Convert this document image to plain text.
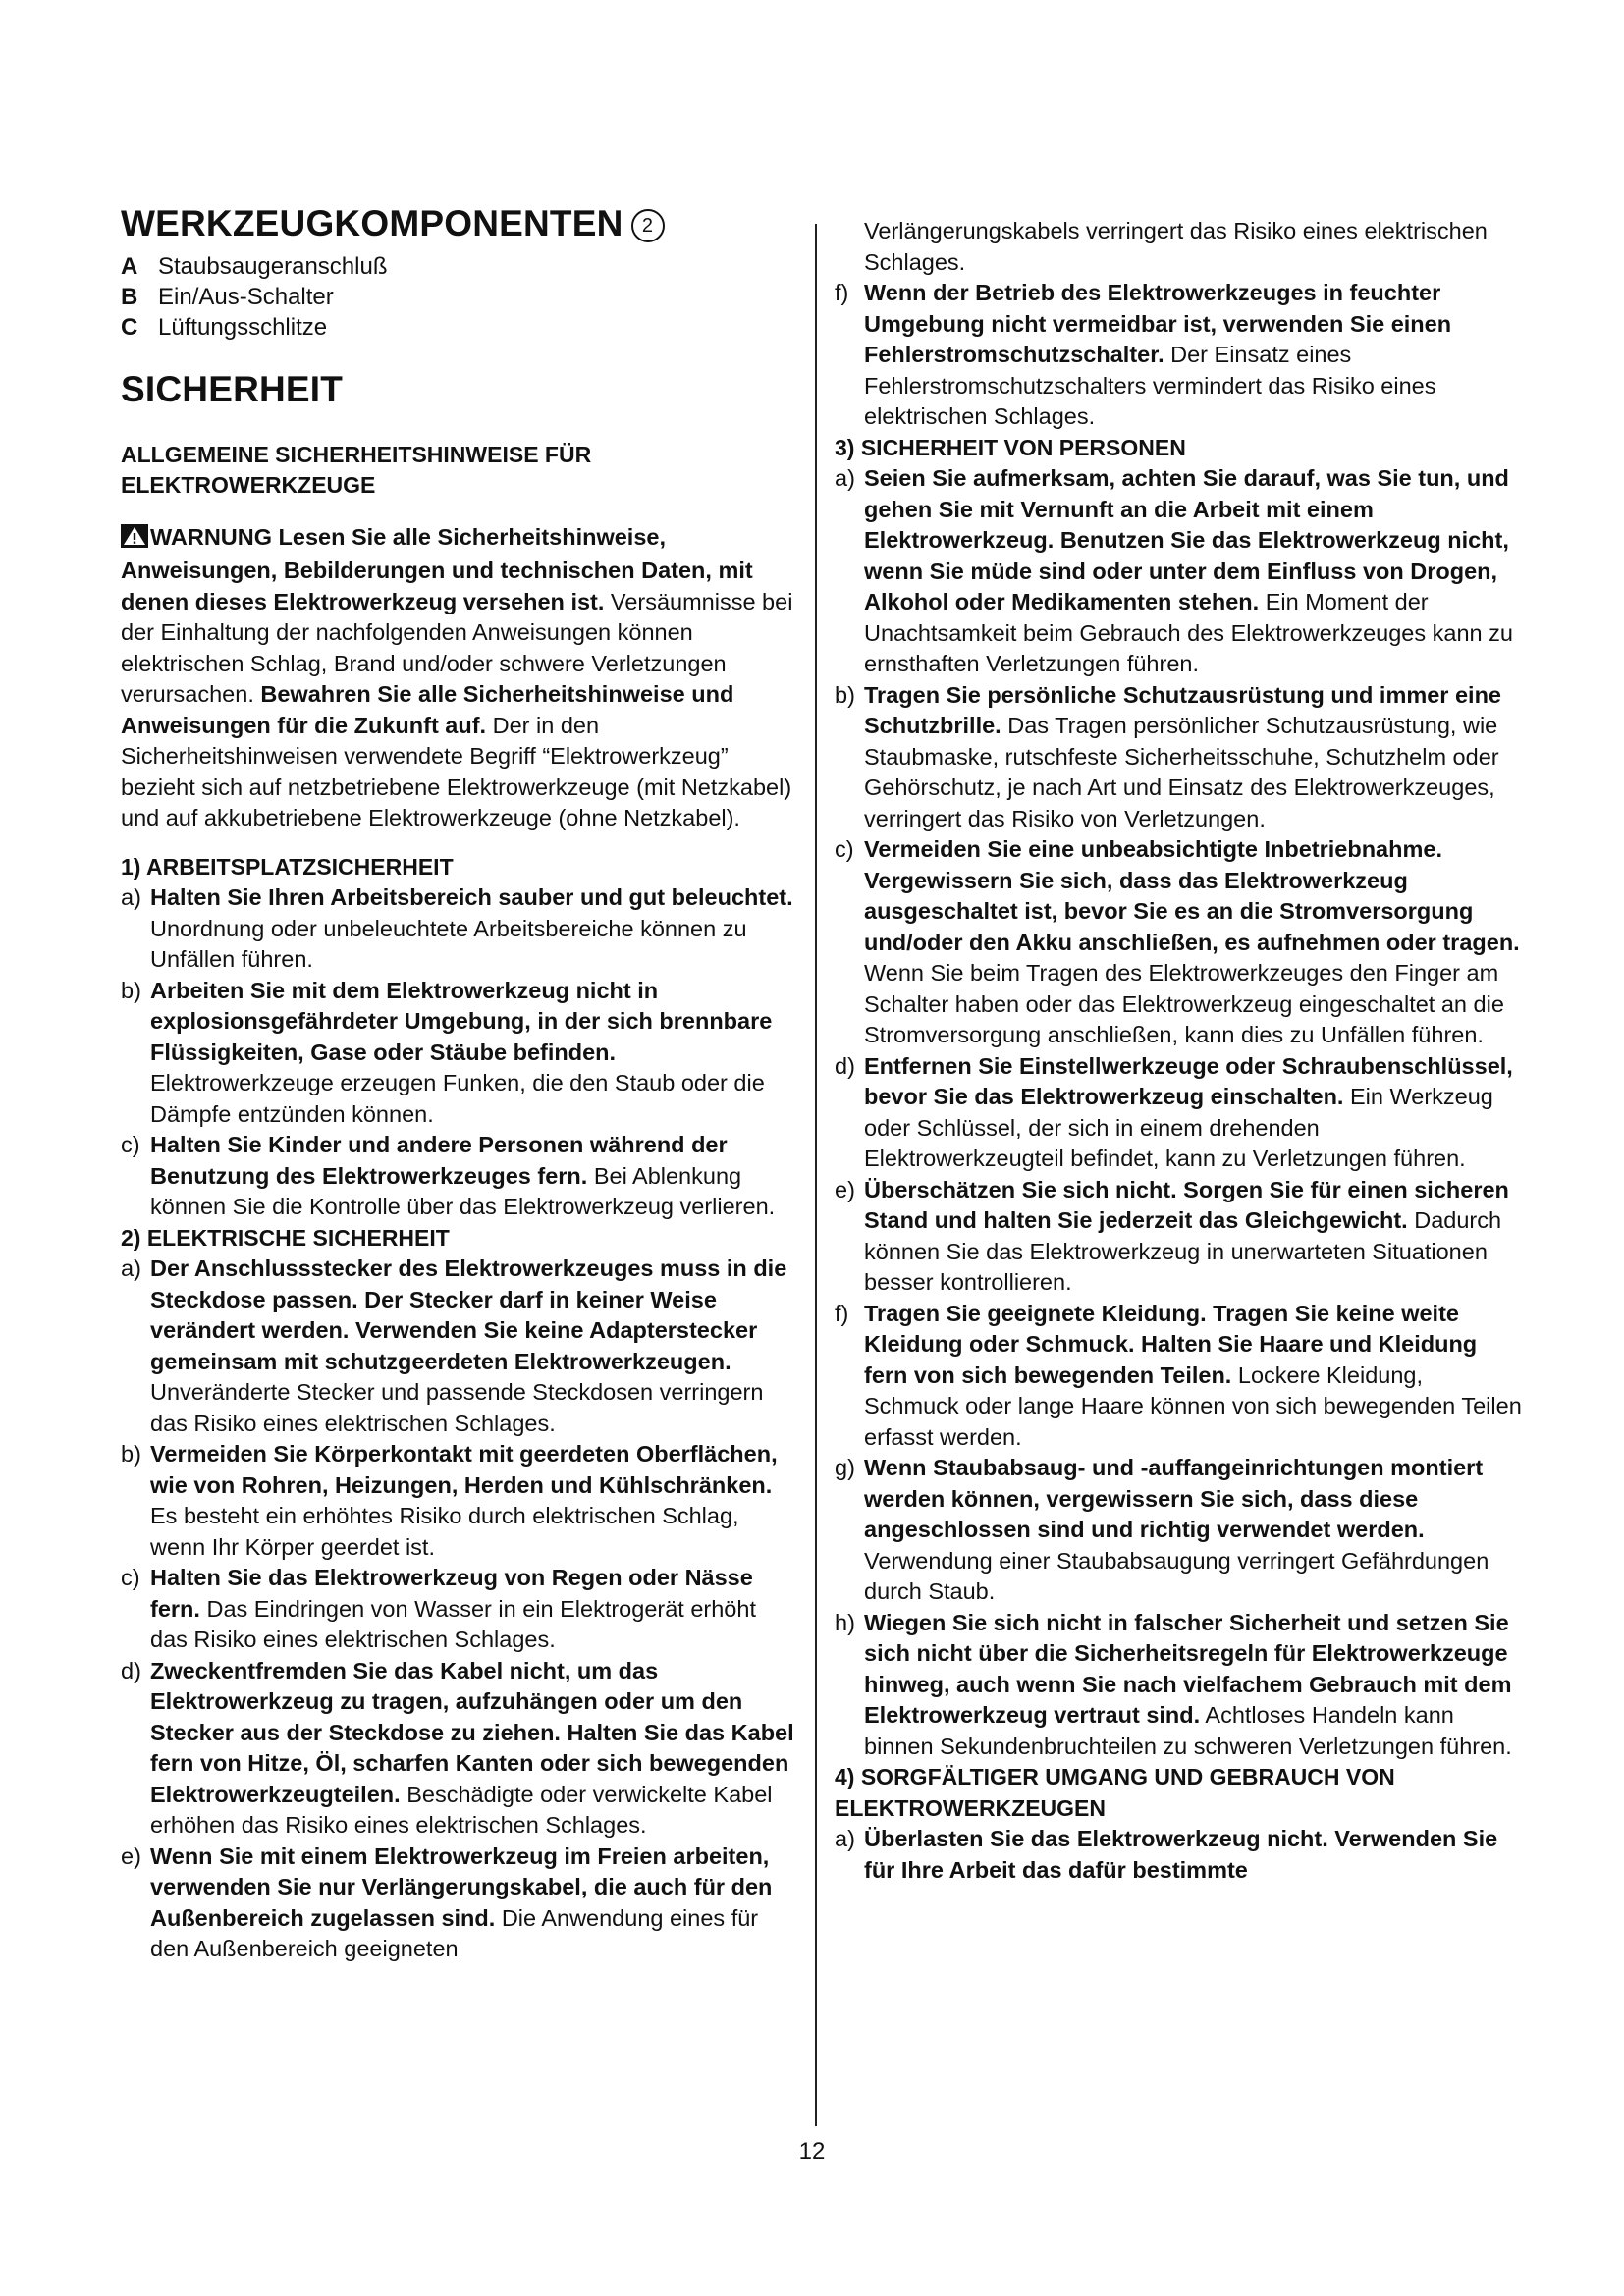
WERKZEUGKOMPONENTEN 2

A Staubsaugeranschluß

B Ein/Aus-Schalter

C Lüftungsschlitze

SICHERHEIT
ALLGEMEINE SICHERHEITSHINWEISE FÜR
ELEKTROWERKZEUGE

WARNUNG Lesen Sie alle Sicherheitshinweise, Anweisungen, Bebilderungen und technischen Daten, mit denen dieses Elektrowerkzeug versehen ist. Versäumnisse bei der Einhaltung der nachfolgenden Anweisungen können elektrischen Schlag, Brand und/oder schwere Verletzungen verursachen. Bewahren Sie alle Sicherheitshinweise und Anweisungen für die Zukunft auf. Der in den Sicherheitshinweisen verwendete Begriff “Elektrowerkzeug” bezieht sich auf netzbetriebene Elektrowerkzeuge (mit Netzkabel) und auf akkubetriebene Elektrowerkzeuge (ohne Netzkabel).

1) ARBEITSPLATZSICHERHEIT

a) Halten Sie Ihren Arbeitsbereich sauber und gut beleuchtet. Unordnung oder unbeleuchtete Arbeitsbereiche können zu Unfällen führen.

b) Arbeiten Sie mit dem Elektrowerkzeug nicht in explosionsgefährdeter Umgebung, in der sich brennbare Flüssigkeiten, Gase oder Stäube befinden. Elektrowerkzeuge erzeugen Funken, die den Staub oder die Dämpfe entzünden können.

c) Halten Sie Kinder und andere Personen während der Benutzung des Elektrowerkzeuges fern. Bei Ablenkung können Sie die Kontrolle über das Elektrowerkzeug verlieren.

2) ELEKTRISCHE SICHERHEIT

a) Der Anschlussstecker des Elektrowerkzeuges muss in die Steckdose passen. Der Stecker darf in keiner Weise verändert werden. Verwenden Sie keine Adapterstecker gemeinsam mit schutzgeerdeten Elektrowerkzeugen. Unveränderte Stecker und passende Steckdosen verringern das Risiko eines elektrischen Schlages.

b) Vermeiden Sie Körperkontakt mit geerdeten Oberflächen, wie von Rohren, Heizungen, Herden und Kühlschränken. Es besteht ein erhöhtes Risiko durch elektrischen Schlag, wenn Ihr Körper geerdet ist.

c) Halten Sie das Elektrowerkzeug von Regen oder Nässe fern. Das Eindringen von Wasser in ein Elektrogerät erhöht das Risiko eines elektrischen Schlages.

d) Zweckentfremden Sie das Kabel nicht, um das Elektrowerkzeug zu tragen, aufzuhängen oder um den Stecker aus der Steckdose zu ziehen. Halten Sie das Kabel fern von Hitze, Öl, scharfen Kanten oder sich bewegenden Elektrowerkzeugteilen. Beschädigte oder verwickelte Kabel erhöhen das Risiko eines elektrischen Schlages.

e) Wenn Sie mit einem Elektrowerkzeug im Freien arbeiten, verwenden Sie nur Verlängerungskabel, die auch für den Außenbereich zugelassen sind. Die Anwendung eines für den Außenbereich geeigneten

Verlängerungskabels verringert das Risiko eines elektrischen Schlages.

f) Wenn der Betrieb des Elektrowerkzeuges in feuchter Umgebung nicht vermeidbar ist, verwenden Sie einen Fehlerstromschutzschalter. Der Einsatz eines Fehlerstromschutzschalters vermindert das Risiko eines elektrischen Schlages.

3) SICHERHEIT VON PERSONEN

a) Seien Sie aufmerksam, achten Sie darauf, was Sie tun, und gehen Sie mit Vernunft an die Arbeit mit einem Elektrowerkzeug. Benutzen Sie das Elektrowerkzeug nicht, wenn Sie müde sind oder unter dem Einfluss von Drogen, Alkohol oder Medikamenten stehen. Ein Moment der Unachtsamkeit beim Gebrauch des Elektrowerkzeuges kann zu ernsthaften Verletzungen führen.

b) Tragen Sie persönliche Schutzausrüstung und immer eine Schutzbrille. Das Tragen persönlicher Schutzausrüstung, wie Staubmaske, rutschfeste Sicherheitsschuhe, Schutzhelm oder Gehörschutz, je nach Art und Einsatz des Elektrowerkzeuges, verringert das Risiko von Verletzungen.

c) Vermeiden Sie eine unbeabsichtigte Inbetriebnahme. Vergewissern Sie sich, dass das Elektrowerkzeug ausgeschaltet ist, bevor Sie es an die Stromversorgung und/oder den Akku anschließen, es aufnehmen oder tragen. Wenn Sie beim Tragen des Elektrowerkzeuges den Finger am Schalter haben oder das Elektrowerkzeug eingeschaltet an die Stromversorgung anschließen, kann dies zu Unfällen führen.

d) Entfernen Sie Einstellwerkzeuge oder Schraubenschlüssel, bevor Sie das Elektrowerkzeug einschalten. Ein Werkzeug oder Schlüssel, der sich in einem drehenden Elektrowerkzeugteil befindet, kann zu Verletzungen führen.

e) Überschätzen Sie sich nicht. Sorgen Sie für einen sicheren Stand und halten Sie jederzeit das Gleichgewicht. Dadurch können Sie das Elektrowerkzeug in unerwarteten Situationen besser kontrollieren.

f) Tragen Sie geeignete Kleidung. Tragen Sie keine weite Kleidung oder Schmuck. Halten Sie Haare und Kleidung fern von sich bewegenden Teilen. Lockere Kleidung, Schmuck oder lange Haare können von sich bewegenden Teilen erfasst werden.

g) Wenn Staubabsaug- und -auffangeinrichtungen montiert werden können, vergewissern Sie sich, dass diese angeschlossen sind und richtig verwendet werden. Verwendung einer Staubabsaugung verringert Gefährdungen durch Staub.

h) Wiegen Sie sich nicht in falscher Sicherheit und setzen Sie sich nicht über die Sicherheitsregeln für Elektrowerkzeuge hinweg, auch wenn Sie nach vielfachem Gebrauch mit dem Elektrowerkzeug vertraut sind. Achtloses Handeln kann binnen Sekundenbruchteilen zu schweren Verletzungen führen.

4) SORGFÄLTIGER UMGANG UND GEBRAUCH VON ELEKTROWERKZEUGEN

a) Überlasten Sie das Elektrowerkzeug nicht. Verwenden Sie für Ihre Arbeit das dafür bestimmte

12
